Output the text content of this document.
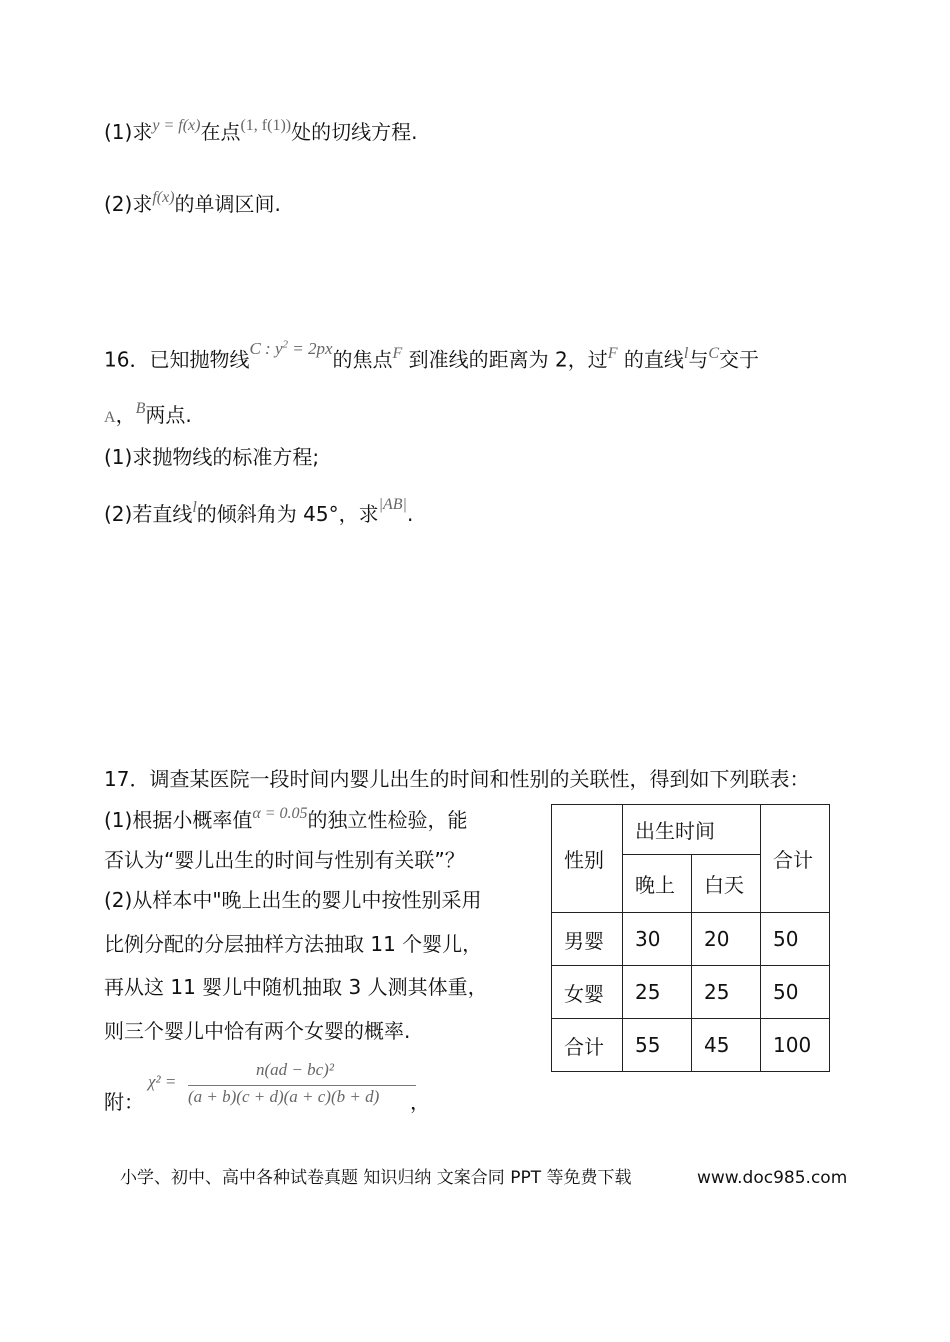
(1)求$^{y = f(x)}$在点$^{(1, f(1))}$处的切线方程.
(2)求$^{f(x)}$的单调区间.
16．已知抛物线$^{C : y^2 = 2px}$的焦点$^F$ 到准线的距离为 2，过$^F$ 的直线$^l$与$^C$交于
A，$^B$两点.
(1)求抛物线的标准方程;
(2)若直线$^l$的倾斜角为 45°，求$^{|AB|}$.
17．调查某医院一段时间内婴儿出生的时间和性别的关联性，得到如下列联表：
(1)根据小概率值$^{\alpha = 0.05}$的独立性检验，能
否认为“婴儿出生的时间与性别有关联”？
(2)从样本中"晚上出生的婴儿中按性别采用
比例分配的分层抽样方法抽取 11 个婴儿，
再从这 11 婴儿中随机抽取 3 人测其体重，
则三个婴儿中恰有两个女婴的概率.
性别	出生时间		合计
	晚上	白天	
男婴	30	20	50
女婴	25	25	50
合计	55	45	100
附：
χ² =
n(ad − bc)²
(a + b)(c + d)(a + c)(b + d) ，
小学、初中、高中各种试卷真题 知识归纳 文案合同 PPT 等免费下载	www.doc985.com
